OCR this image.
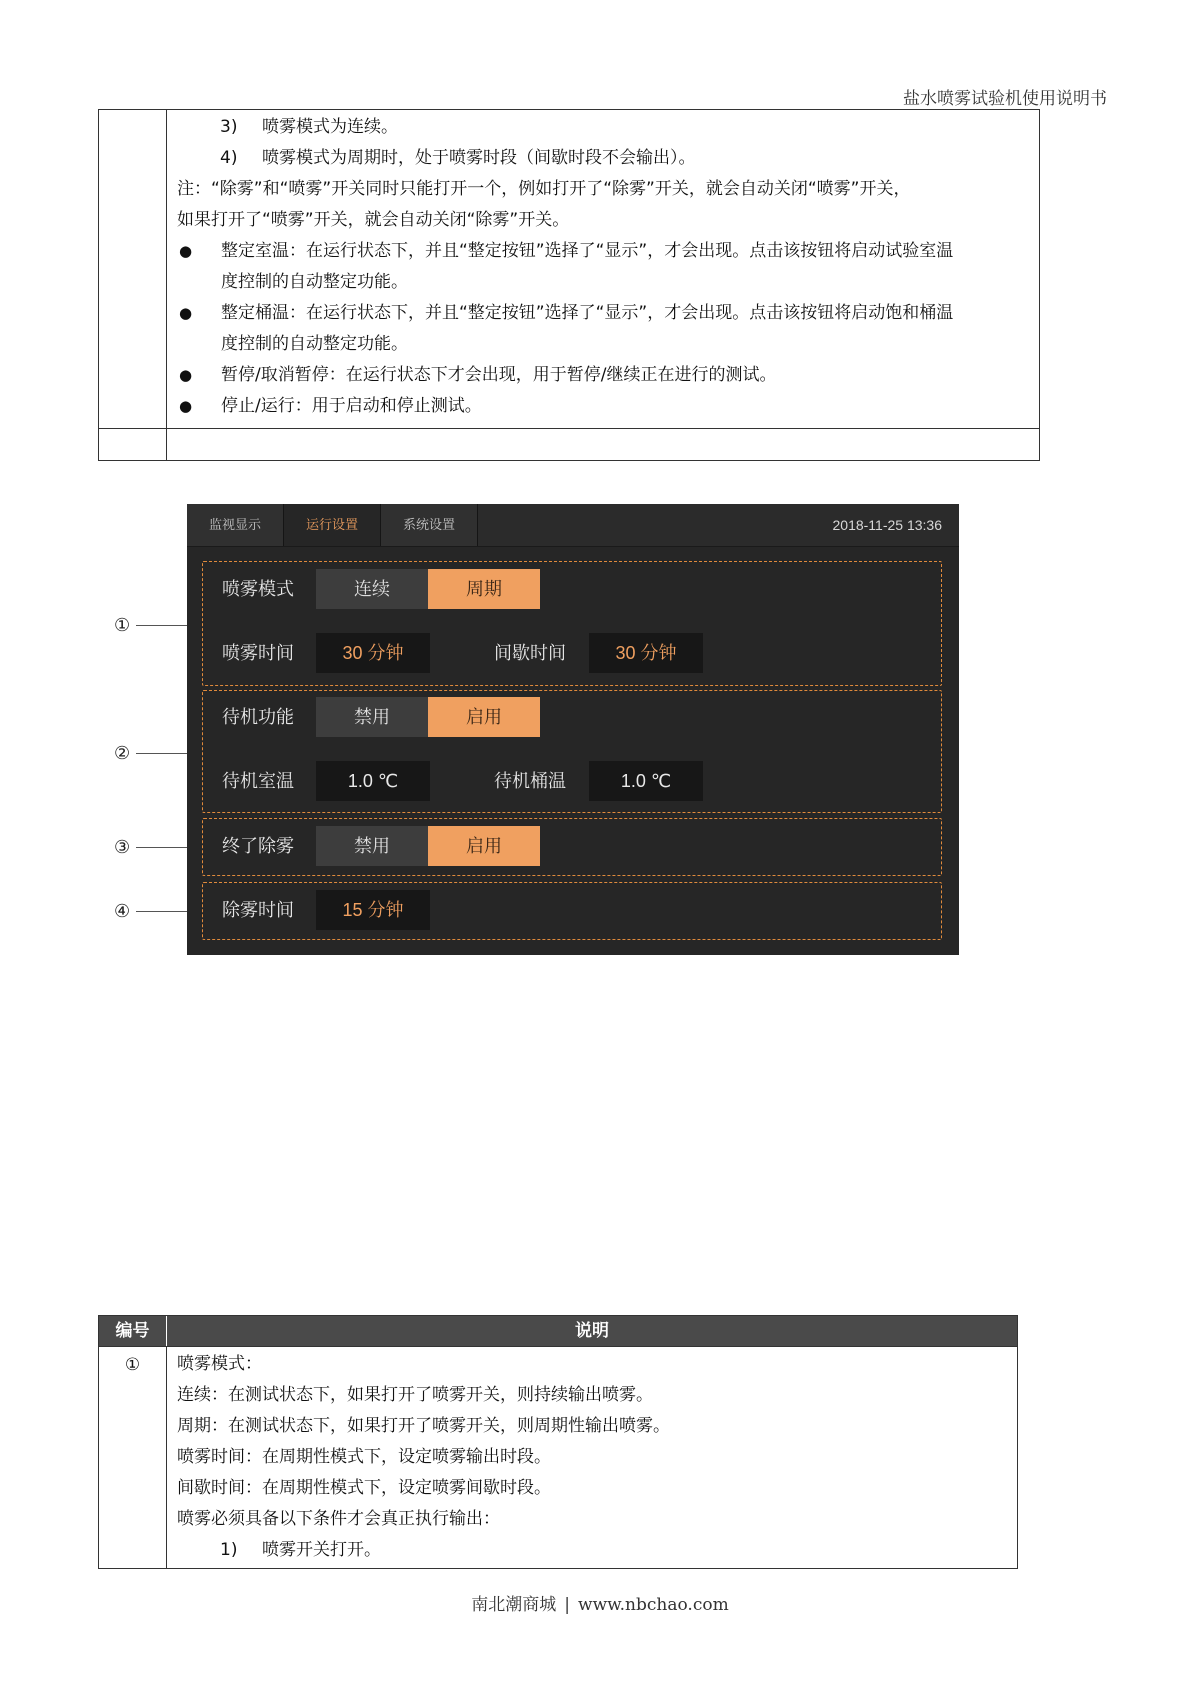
盐水喷雾试验机使用说明书
3) 喷雾模式为连续。
4) 喷雾模式为周期时，处于喷雾时段（间歇时段不会输出）。
注：“除雾”和“喷雾”开关同时只能打开一个，例如打开了“除雾”开关，就会自动关闭“喷雾”开关，
如果打开了“喷雾”开关，就会自动关闭“除雾”开关。
●	整定室温：在运行状态下，并且“整定按钮”选择了“显示”，才会出现。点击该按钮将启动试验室温
度控制的自动整定功能。
●	整定桶温：在运行状态下，并且“整定按钮”选择了“显示”，才会出现。点击该按钮将启动饱和桶温
度控制的自动整定功能。
●	暂停/取消暂停：在运行状态下才会出现，用于暂停/继续正在进行的测试。
●	停止/运行：用于启动和停止测试。
①
②
③
④
监视显示	运行设置	系统设置	2018-11-25 13:36
喷雾模式	连续	周期
喷雾时间	30 分钟	间歇时间	30 分钟
待机功能	禁用	启用
待机室温	1.0 ℃	待机桶温	1.0 ℃
终了除雾	禁用	启用
除雾时间	15 分钟
编号	说明
①	喷雾模式：
连续：在测试状态下，如果打开了喷雾开关，则持续输出喷雾。
周期：在测试状态下，如果打开了喷雾开关，则周期性输出喷雾。
喷雾时间：在周期性模式下，设定喷雾输出时段。
间歇时间：在周期性模式下，设定喷雾间歇时段。
喷雾必须具备以下条件才会真正执行输出：
1) 喷雾开关打开。
南北潮商城 | www.nbchao.com
